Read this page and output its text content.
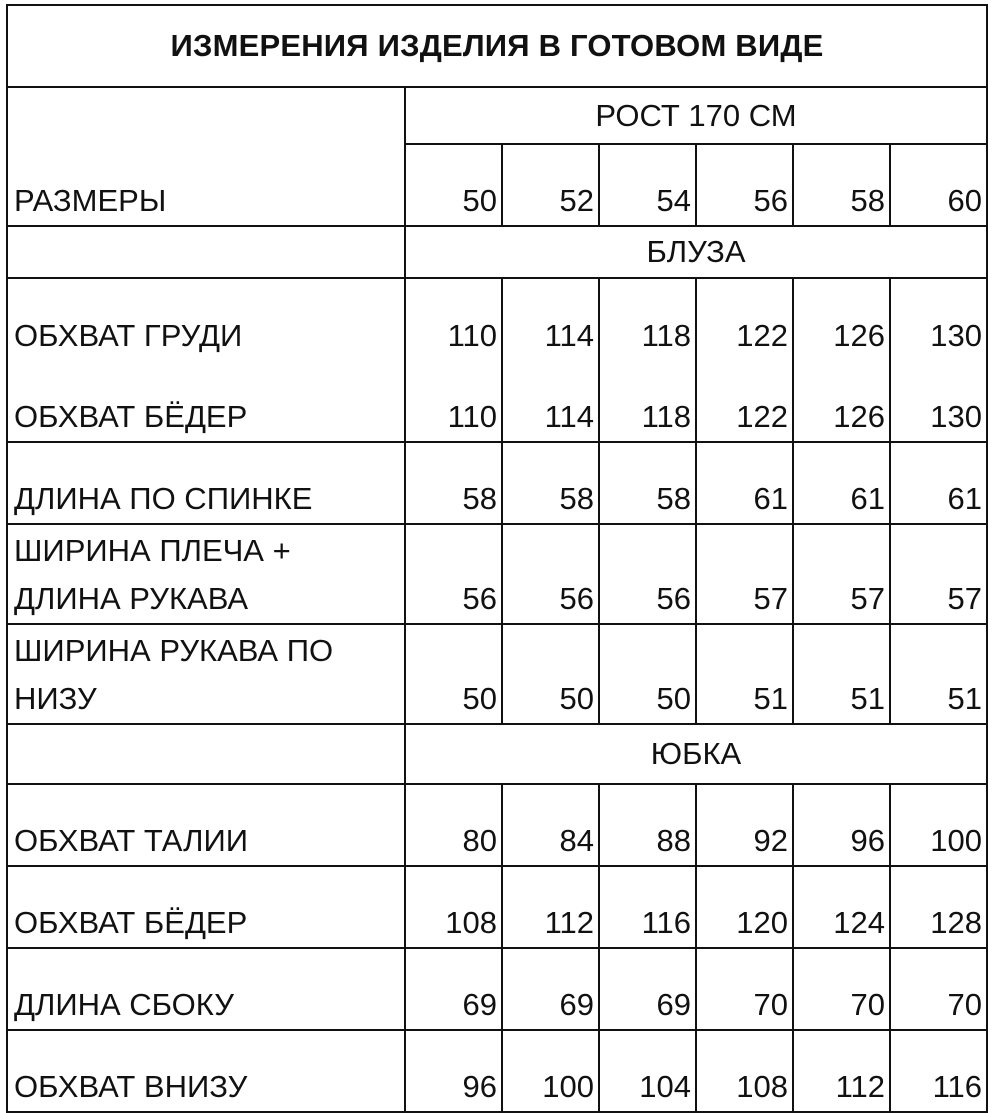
ИЗМЕРЕНИЯ ИЗДЕЛИЯ В ГОТОВОМ ВИДЕ						
РАЗМЕРЫ	РОСТ 170 СМ					
	50	52	54	56	58	60
	БЛУЗА					
ОБХВАТ ГРУДИ	110	114	118	122	126	130
ОБХВАТ БЁДЕР	110	114	118	122	126	130
ДЛИНА ПО СПИНКЕ	58	58	58	61	61	61

ШИРИНА ПЛЕЧА +
ДЛИНА РУКАВА	56	56	56	57	57	57

ШИРИНА РУКАВА ПО
НИЗУ	50	50	50	51	51	51
	ЮБКА					
ОБХВАТ ТАЛИИ	80	84	88	92	96	100
ОБХВАТ БЁДЕР	108	112	116	120	124	128
ДЛИНА СБОКУ	69	69	69	70	70	70
ОБХВАТ ВНИЗУ	96	100	104	108	112	116
